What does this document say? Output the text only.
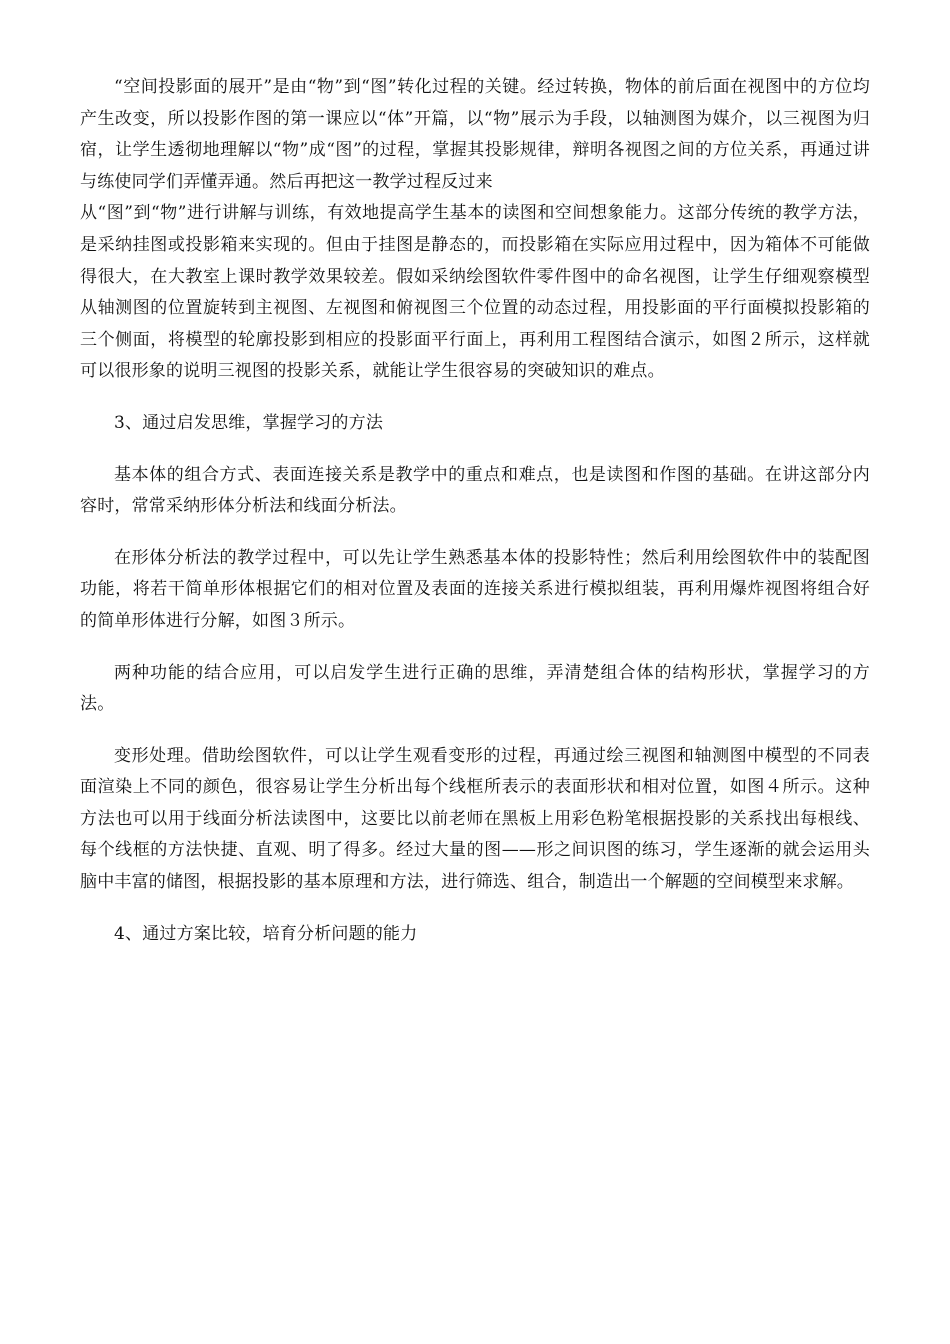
“空间投影面的展开”是由“物”到“图”转化过程的关键。经过转换，物体的前后面在视图中的方位均产生改变，所以投影作图的第一课应以“体”开篇，以“物”展示为手段，以轴测图为媒介，以三视图为归宿，让学生透彻地理解以“物”成“图”的过程，掌握其投影规律，辩明各视图之间的方位关系，再通过讲与练使同学们弄懂弄通。然后再把这一教学过程反过来

从“图”到“物”进行讲解与训练，有效地提高学生基本的读图和空间想象能力。这部分传统的教学方法，是采纳挂图或投影箱来实现的。但由于挂图是静态的，而投影箱在实际应用过程中，因为箱体不可能做得很大，在大教室上课时教学效果较差。假如采纳绘图软件零件图中的命名视图，让学生仔细观察模型从轴测图的位置旋转到主视图、左视图和俯视图三个位置的动态过程，用投影面的平行面模拟投影箱的三个侧面，将模型的轮廓投影到相应的投影面平行面上，再利用工程图结合演示，如图２所示，这样就可以很形象的说明三视图的投影关系，就能让学生很容易的突破知识的难点。

3、通过启发思维，掌握学习的方法

基本体的组合方式、表面连接关系是教学中的重点和难点，也是读图和作图的基础。在讲这部分内容时，常常采纳形体分析法和线面分析法。

在形体分析法的教学过程中，可以先让学生熟悉基本体的投影特性；然后利用绘图软件中的装配图功能，将若干简单形体根据它们的相对位置及表面的连接关系进行模拟组装，再利用爆炸视图将组合好的简单形体进行分解，如图３所示。

两种功能的结合应用，可以启发学生进行正确的思维，弄清楚组合体的结构形状，掌握学习的方法。

变形处理。借助绘图软件，可以让学生观看变形的过程，再通过绘三视图和轴测图中模型的不同表面渲染上不同的颜色，很容易让学生分析出每个线框所表示的表面形状和相对位置，如图４所示。这种方法也可以用于线面分析法读图中，这要比以前老师在黑板上用彩色粉笔根据投影的关系找出每根线、每个线框的方法快捷、直观、明了得多。经过大量的图——形之间识图的练习，学生逐渐的就会运用头脑中丰富的储图，根据投影的基本原理和方法，进行筛选、组合，制造出一个解题的空间模型来求解。

4、通过方案比较，培育分析问题的能力
